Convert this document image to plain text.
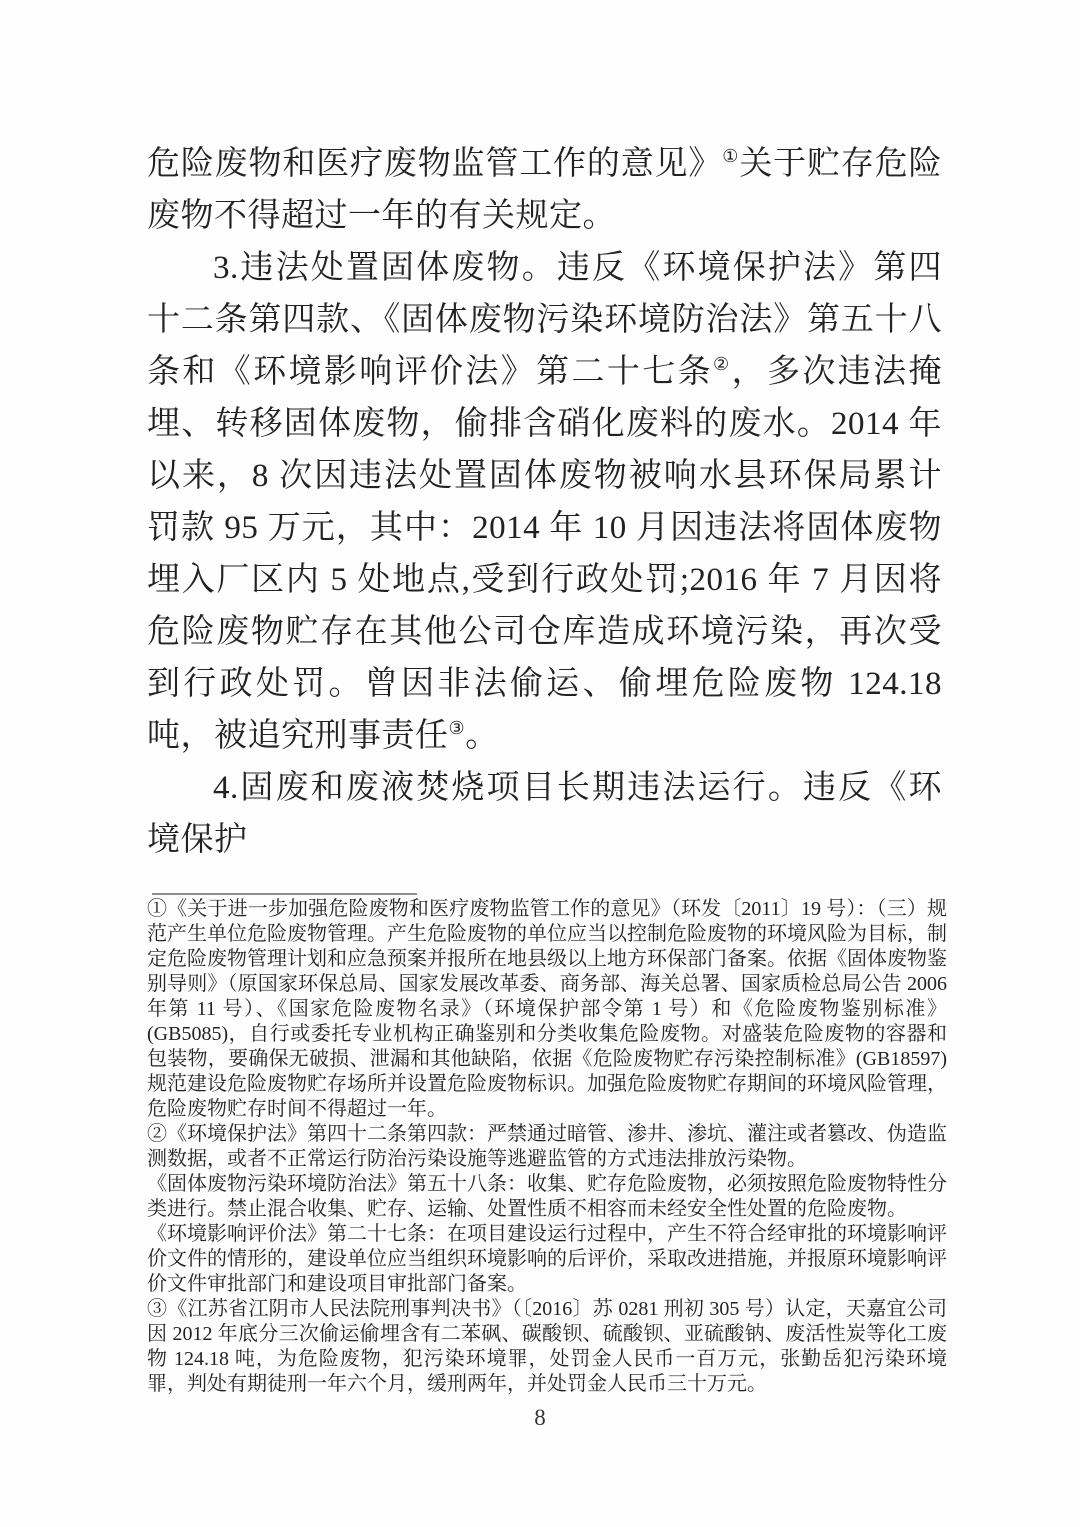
危险废物和医疗废物监管工作的意见》①关于贮存危险废物不得超过一年的有关规定。

3.违法处置固体废物。违反《环境保护法》第四十二条第四款、《固体废物污染环境防治法》第五十八条和《环境影响评价法》第二十七条②，多次违法掩埋、转移固体废物，偷排含硝化废料的废水。2014 年以来，8 次因违法处置固体废物被响水县环保局累计罚款 95 万元，其中：2014 年 10 月因违法将固体废物埋入厂区内 5 处地点,受到行政处罚;2016 年 7 月因将危险废物贮存在其他公司仓库造成环境污染，再次受到行政处罚。曾因非法偷运、偷埋危险废物 124.18 吨，被追究刑事责任③。

4.固废和废液焚烧项目长期违法运行。违反《环境保护

①《关于进一步加强危险废物和医疗废物监管工作的意见》（环发〔2011〕19 号）：（三）规范产生单位危险废物管理。产生危险废物的单位应当以控制危险废物的环境风险为目标，制定危险废物管理计划和应急预案并报所在地县级以上地方环保部门备案。依据《固体废物鉴别导则》（原国家环保总局、国家发展改革委、商务部、海关总署、国家质检总局公告 2006 年第 11 号）、《国家危险废物名录》（环境保护部令第 1 号）和《危险废物鉴别标准》(GB5085)，自行或委托专业机构正确鉴别和分类收集危险废物。对盛装危险废物的容器和包装物，要确保无破损、泄漏和其他缺陷，依据《危险废物贮存污染控制标准》(GB18597) 规范建设危险废物贮存场所并设置危险废物标识。加强危险废物贮存期间的环境风险管理，危险废物贮存时间不得超过一年。

②《环境保护法》第四十二条第四款：严禁通过暗管、渗井、渗坑、灌注或者篡改、伪造监测数据，或者不正常运行防治污染设施等逃避监管的方式违法排放污染物。

《固体废物污染环境防治法》第五十八条：收集、贮存危险废物，必须按照危险废物特性分类进行。禁止混合收集、贮存、运输、处置性质不相容而未经安全性处置的危险废物。

《环境影响评价法》第二十七条：在项目建设运行过程中，产生不符合经审批的环境影响评价文件的情形的，建设单位应当组织环境影响的后评价，采取改进措施，并报原环境影响评价文件审批部门和建设项目审批部门备案。

③《江苏省江阴市人民法院刑事判决书》（〔2016〕苏 0281 刑初 305 号）认定，天嘉宜公司因 2012 年底分三次偷运偷埋含有二苯砜、碳酸钡、硫酸钡、亚硫酸钠、废活性炭等化工废物 124.18 吨，为危险废物，犯污染环境罪，处罚金人民币一百万元，张勤岳犯污染环境罪，判处有期徒刑一年六个月，缓刑两年，并处罚金人民币三十万元。

8
